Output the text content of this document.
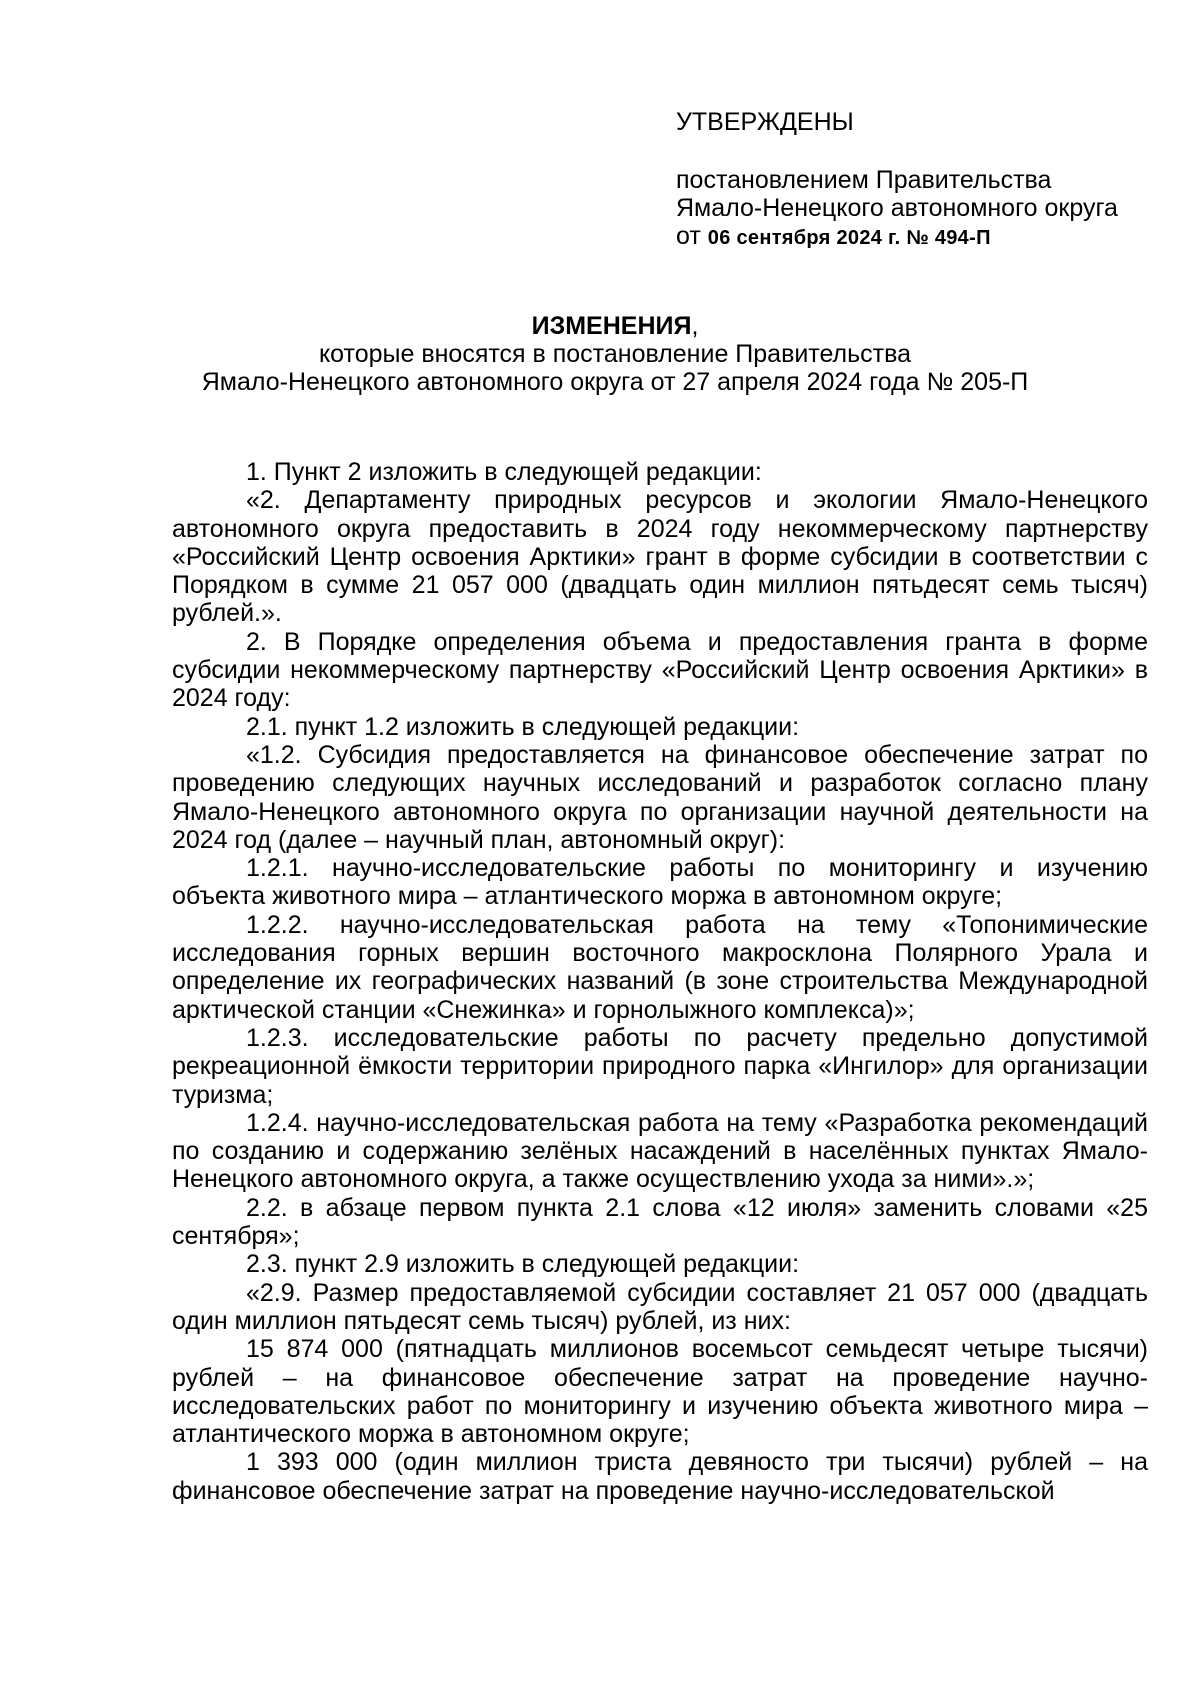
УТВЕРЖДЕНЫ
постановлением Правительства
Ямало-Ненецкого автономного округа
от 06 сентября 2024 г. № 494-П
ИЗМЕНЕНИЯ,
которые вносятся в постановление Правительства
Ямало-Ненецкого автономного округа от 27 апреля 2024 года № 205-П

1. Пункт 2 изложить в следующей редакции:

«2. Департаменту природных ресурсов и экологии Ямало-Ненецкого автономного округа предоставить в 2024 году некоммерческому партнерству «Российский Центр освоения Арктики» грант в форме субсидии в соответствии с Порядком в сумме 21 057 000 (двадцать один миллион пятьдесят семь тысяч) рублей.».

2. В Порядке определения объема и предоставления гранта в форме субсидии некоммерческому партнерству «Российский Центр освоения Арктики» в 2024 году:

2.1. пункт 1.2 изложить в следующей редакции:

«1.2. Субсидия предоставляется на финансовое обеспечение затрат по проведению следующих научных исследований и разработок согласно плану Ямало-Ненецкого автономного округа по организации научной деятельности на 2024 год (далее – научный план, автономный округ):

1.2.1. научно-исследовательские работы по мониторингу и изучению объекта животного мира – атлантического моржа в автономном округе;

1.2.2. научно-исследовательская работа на тему «Топонимические исследования горных вершин восточного макросклона Полярного Урала и определение их географических названий (в зоне строительства Международной арктической станции «Снежинка» и горнолыжного комплекса)»;

1.2.3. исследовательские работы по расчету предельно допустимой рекреационной ёмкости территории природного парка «Ингилор» для организации туризма;

1.2.4. научно-исследовательская работа на тему «Разработка рекомендаций по созданию и содержанию зелёных насаждений в населённых пунктах Ямало-Ненецкого автономного округа, а также осуществлению ухода за ними».»;

2.2. в абзаце первом пункта 2.1 слова «12 июля» заменить словами «25 сентября»;

2.3. пункт 2.9 изложить в следующей редакции:

«2.9. Размер предоставляемой субсидии составляет 21 057 000 (двадцать один миллион пятьдесят семь тысяч) рублей, из них:

15 874 000 (пятнадцать миллионов восемьсот семьдесят четыре тысячи) рублей – на финансовое обеспечение затрат на проведение научно-исследовательских работ по мониторингу и изучению объекта животного мира – атлантического моржа в автономном округе;

1 393 000 (один миллион триста девяносто три тысячи) рублей – на финансовое обеспечение затрат на проведение научно-исследовательской
